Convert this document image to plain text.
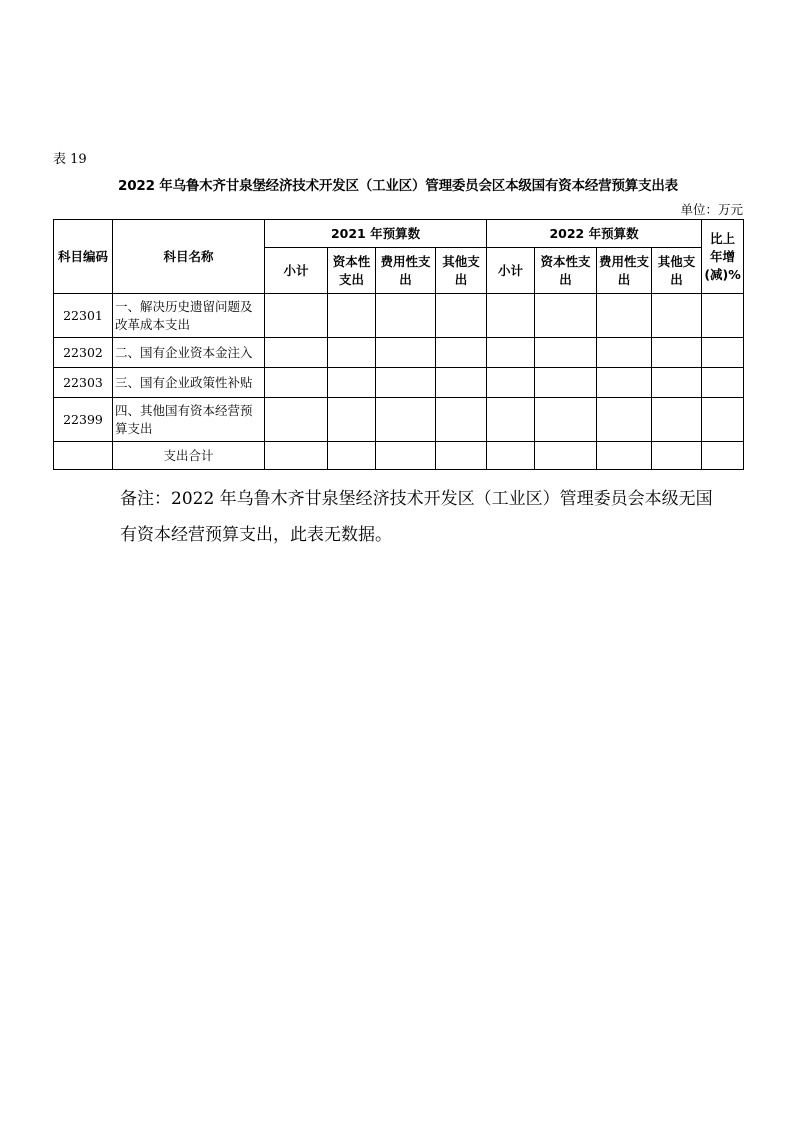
表 19
2022 年乌鲁木齐甘泉堡经济技术开发区（工业区）管理委员会区本级国有资本经营预算支出表
单位：万元
科目编码	科目名称	2021 年预算数				2022 年预算数				比上年增(减)%
		小计	资本性支出	费用性支出	其他支出	小计	资本性支出	费用性支出	其他支出	
22301	一、解决历史遗留问题及改革成本支出									
22302	二、国有企业资本金注入									
22303	三、国有企业政策性补贴									
22399	四、其他国有资本经营预算支出									
	支出合计									
备注：2022 年乌鲁木齐甘泉堡经济技术开发区（工业区）管理委员会本级无国有资本经营预算支出，此表无数据。
